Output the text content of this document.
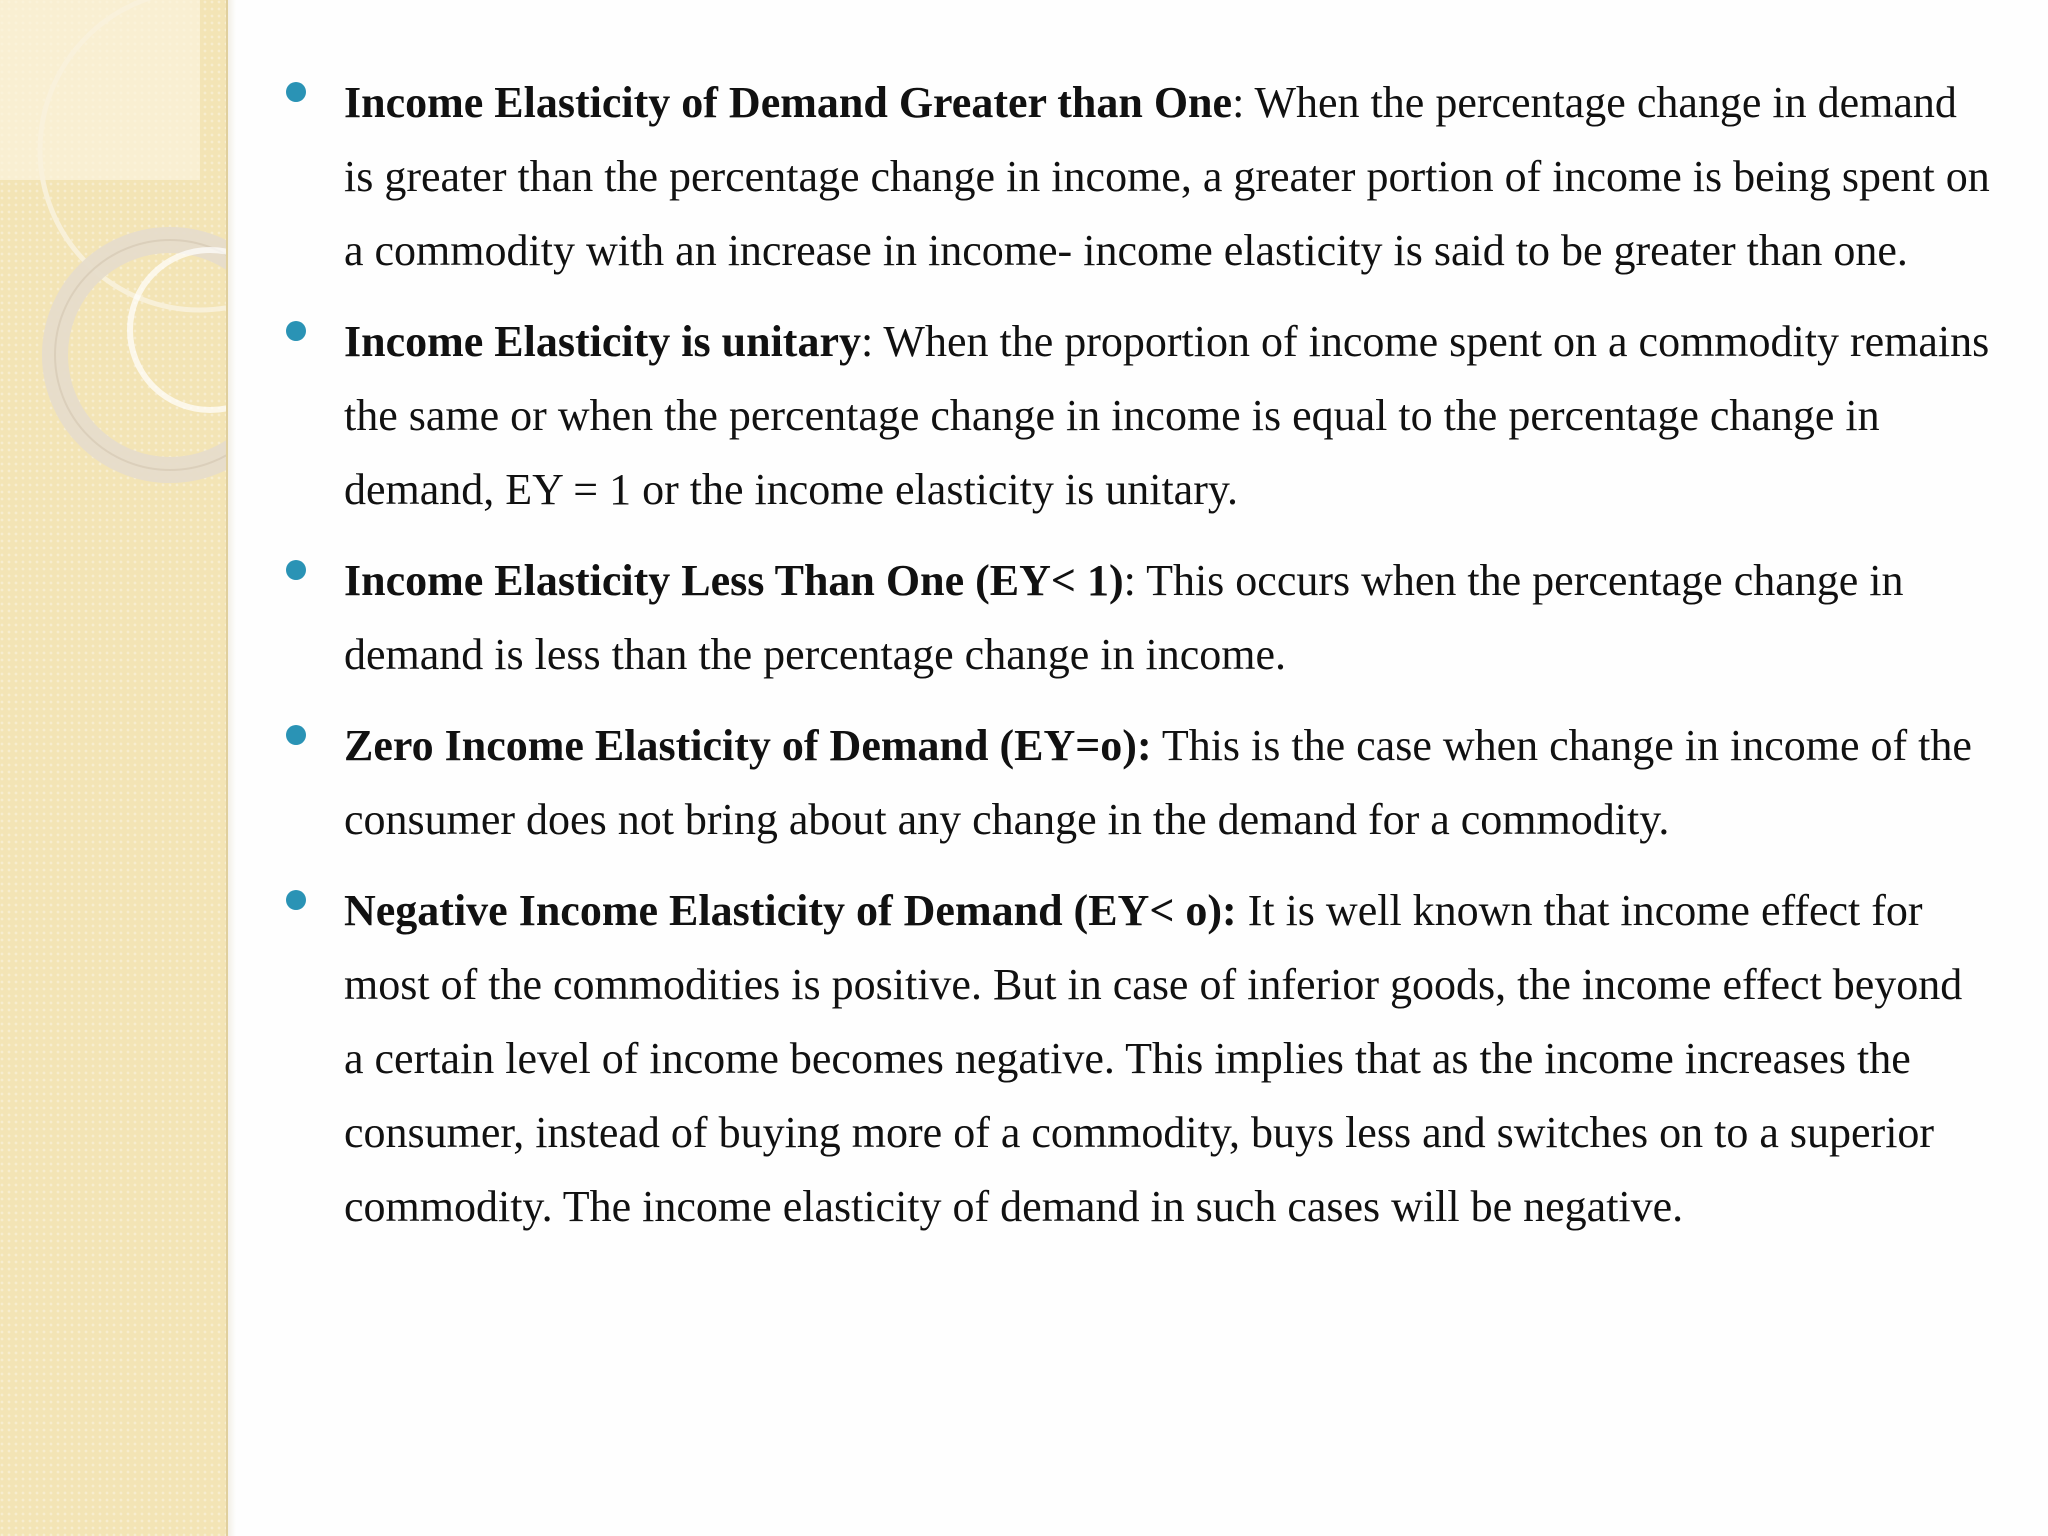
Income Elasticity of Demand Greater than One: When the percentage change in demand is greater than the percentage change in income, a greater portion of income is being spent on a commodity with an increase in income- income elasticity is said to be greater than one.
Income Elasticity is unitary: When the proportion of income spent on a commodity remains the same or when the percentage change in income is equal to the percentage change in demand, EY = 1 or the income elasticity is unitary.
Income Elasticity Less Than One (EY< 1): This occurs when the percentage change in demand is less than the percentage change in income.
Zero Income Elasticity of Demand (EY=o): This is the case when change in income of the consumer does not bring about any change in the demand for a commodity.
Negative Income Elasticity of Demand (EY< o): It is well known that income effect for most of the commodities is positive. But in case of inferior goods, the income effect beyond a certain level of income becomes negative. This implies that as the income increases the consumer, instead of buying more of a commodity, buys less and switches on to a superior commodity. The income elasticity of demand in such cases will be negative.
